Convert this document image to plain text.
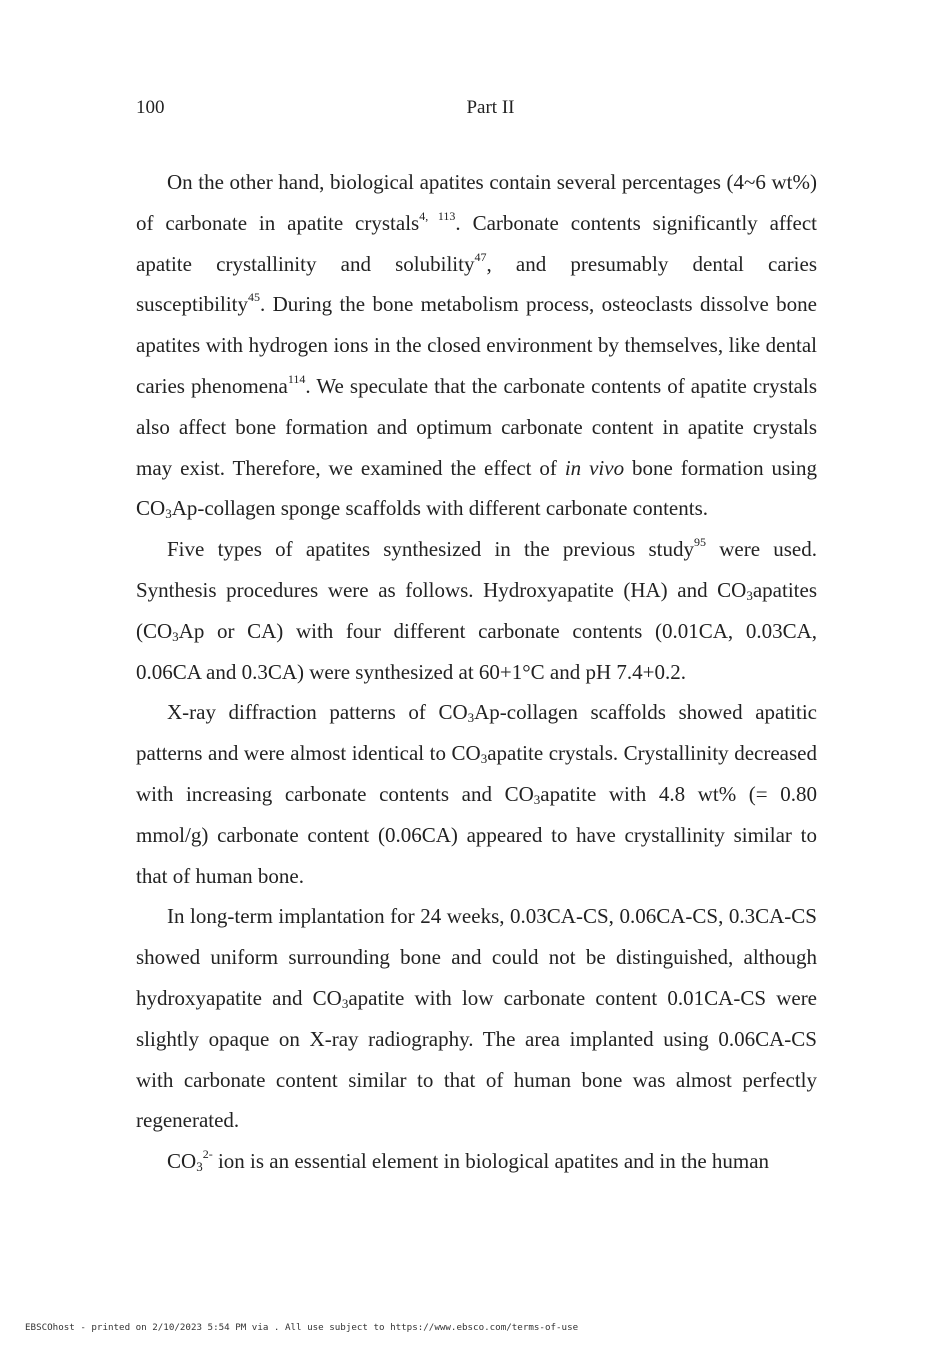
100	Part II

On the other hand, biological apatites contain several percentages (4~6 wt%) of carbonate in apatite crystals$^{4, 113}$. Carbonate contents significantly affect apatite crystallinity and solubility$^{47}$, and presumably dental caries susceptibility$^{45}$. During the bone metabolism process, osteoclasts dissolve bone apatites with hydrogen ions in the closed environment by themselves, like dental caries phenomena$^{114}$. We speculate that the carbonate contents of apatite crystals also affect bone formation and optimum carbonate content in apatite crystals may exist. Therefore, we examined the effect of in vivo bone formation using $CO_3Ap$-collagen sponge scaffolds with different carbonate contents.

Five types of apatites synthesized in the previous study$^{95}$ were used. Synthesis procedures were as follows. Hydroxyapatite (HA) and $CO_3apatites$ ($CO_3Ap$ or CA) with four different carbonate contents (0.01CA, 0.03CA, 0.06CA and 0.3CA) were synthesized at 60+1°C and pH 7.4+0.2.

X-ray diffraction patterns of $CO_3Ap$-collagen scaffolds showed apatitic patterns and were almost identical to $CO_3apatite$ crystals. Crystallinity decreased with increasing carbonate contents and $CO_3apatite$ with 4.8 wt% (= 0.80 mmol/g) carbonate content (0.06CA) appeared to have crystallinity similar to that of human bone.

In long-term implantation for 24 weeks, 0.03CA-CS, 0.06CA-CS, 0.3CA-CS showed uniform surrounding bone and could not be distinguished, although hydroxyapatite and $CO_3apatite$ with low carbonate content 0.01CA-CS were slightly opaque on X-ray radiography. The area implanted using 0.06CA-CS with carbonate content similar to that of human bone was almost perfectly regenerated.

$CO_3^{2-}$ ion is an essential element in biological apatites and in the human

EBSCOhost - printed on 2/10/2023 5:54 PM via . All use subject to https://www.ebsco.com/terms-of-use
